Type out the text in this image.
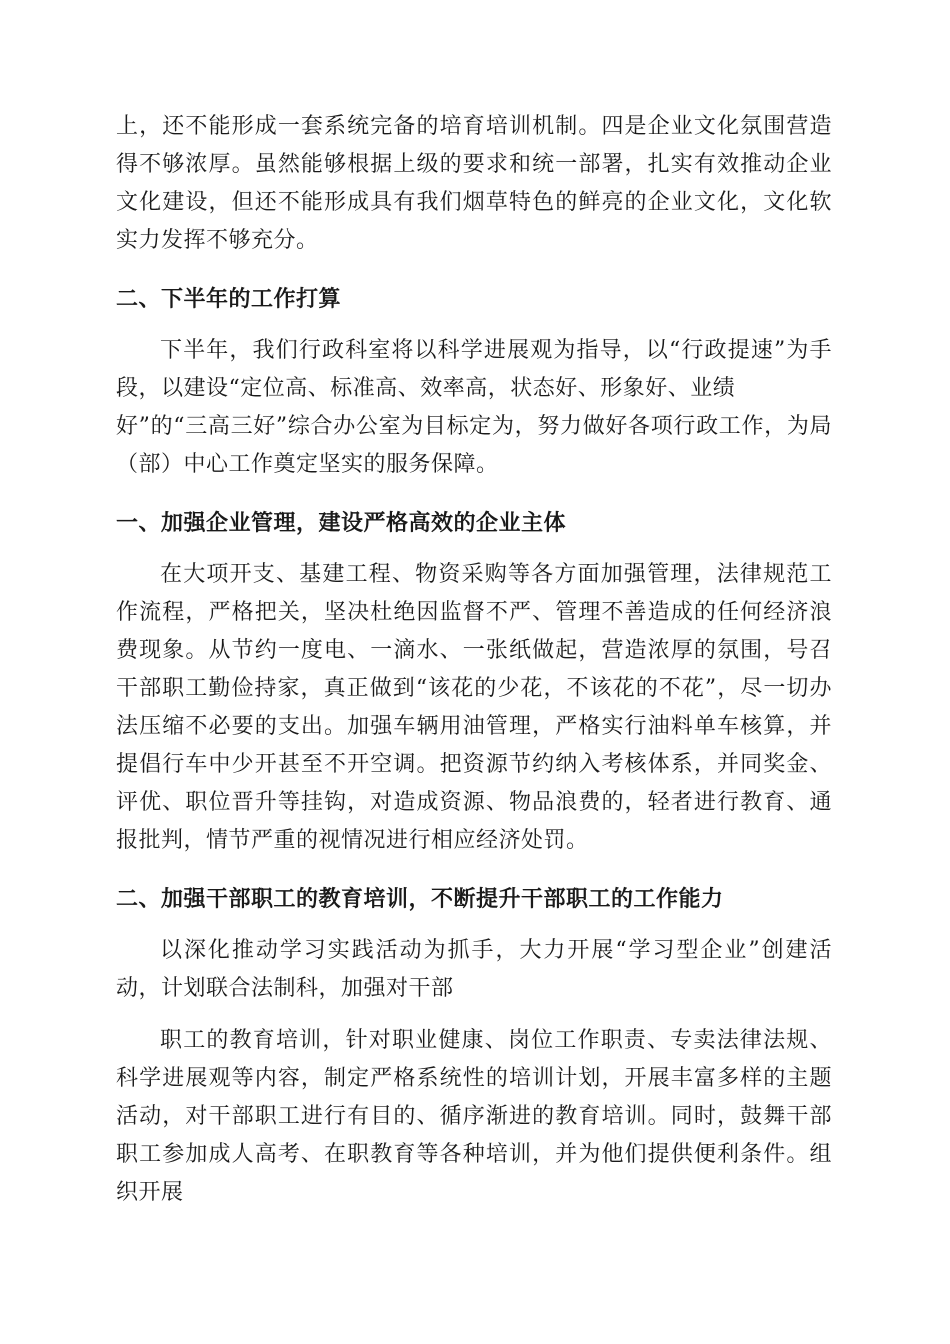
上，还不能形成一套系统完备的培育培训机制。四是企业文化氛围营造得不够浓厚。虽然能够根据上级的要求和统一部署，扎实有效推动企业文化建设，但还不能形成具有我们烟草特色的鲜亮的企业文化，文化软实力发挥不够充分。

二、下半年的工作打算

下半年，我们行政科室将以科学进展观为指导，以“行政提速”为手段，以建设“定位高、标准高、效率高，状态好、形象好、业绩

好”的“三高三好”综合办公室为目标定为，努力做好各项行政工作，为局（部）中心工作奠定坚实的服务保障。

一、加强企业管理，建设严格高效的企业主体

在大项开支、基建工程、物资采购等各方面加强管理，法律规范工作流程，严格把关，坚决杜绝因监督不严、管理不善造成的任何经济浪费现象。从节约一度电、一滴水、一张纸做起，营造浓厚的氛围，号召干部职工勤俭持家，真正做到“该花的少花，不该花的不花”，尽一切办法压缩不必要的支出。加强车辆用油管理，严格实行油料单车核算，并提倡行车中少开甚至不开空调。把资源节约纳入考核体系，并同奖金、评优、职位晋升等挂钩，对造成资源、物品浪费的，轻者进行教育、通报批判，情节严重的视情况进行相应经济处罚。

二、加强干部职工的教育培训，不断提升干部职工的工作能力

以深化推动学习实践活动为抓手，大力开展“学习型企业”创建活动，计划联合法制科，加强对干部

职工的教育培训，针对职业健康、岗位工作职责、专卖法律法规、科学进展观等内容，制定严格系统性的培训计划，开展丰富多样的主题活动，对干部职工进行有目的、循序渐进的教育培训。同时，鼓舞干部职工参加成人高考、在职教育等各种培训，并为他们提供便利条件。组织开展
